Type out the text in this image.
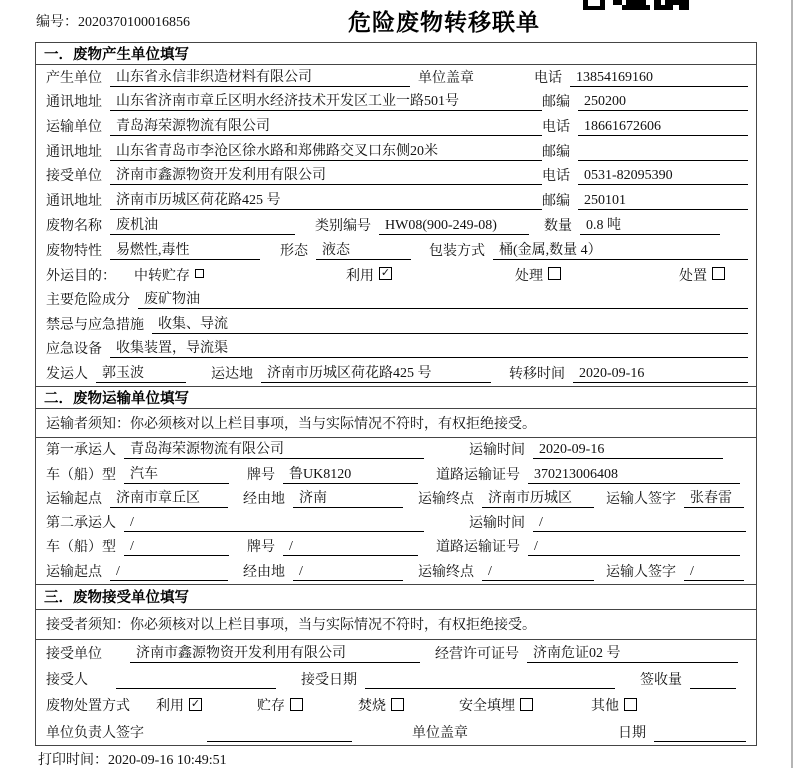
编号：2020370100016856	危险废物转移联单
一．废物产生单位填写
产生单位	山东省永信非织造材料有限公司	单位盖章	电话	13854169160
通讯地址	山东省济南市章丘区明水经济技术开发区工业一路501号	邮编	250200
运输单位	青岛海荣源物流有限公司	电话	18661672606
通讯地址	山东省青岛市李沧区徐水路和郑佛路交叉口东侧20米	邮编
接受单位	济南市鑫源物资开发利用有限公司	电话	0531-82095390
通讯地址	济南市历城区荷花路425 号	邮编	250101
废物名称	废机油	类别编号	HW08(900-249-08)	数量	0.8 吨
废物特性	易燃性,毒性	形态	液态	包装方式	桶(金属,数量 4）
外运目的： 中转贮存	利用 ✓	处理	处置
主要危险成分	废矿物油
禁忌与应急措施	收集、导流
应急设备	收集装置，导流渠
发运人	郭玉波	运达地	济南市历城区荷花路425 号	转移时间	2020-09-16
二．废物运输单位填写
运输者须知：你必须核对以上栏目事项，当与实际情况不符时，有权拒绝接受。
第一承运人	青岛海荣源物流有限公司	运输时间	2020-09-16
车（船）型	汽车	牌号	鲁UK8120	道路运输证号	370213006408
运输起点	济南市章丘区	经由地	济南	运输终点	济南市历城区	运输人签字	张春雷
第二承运人	/	运输时间	/
车（船）型	/	牌号	/	道路运输证号	/
运输起点	/	经由地	/	运输终点	/	运输人签字	/
三．废物接受单位填写
接受者须知：你必须核对以上栏目事项，当与实际情况不符时，有权拒绝接受。
接受单位	济南市鑫源物资开发利用有限公司	经营许可证号	济南危证02 号
接受人	接受日期	签收量
废物处置方式 利用 ✓	贮存	焚烧	安全填埋	其他
单位负责人签字	单位盖章	日期
打印时间：2020-09-16 10:49:51
